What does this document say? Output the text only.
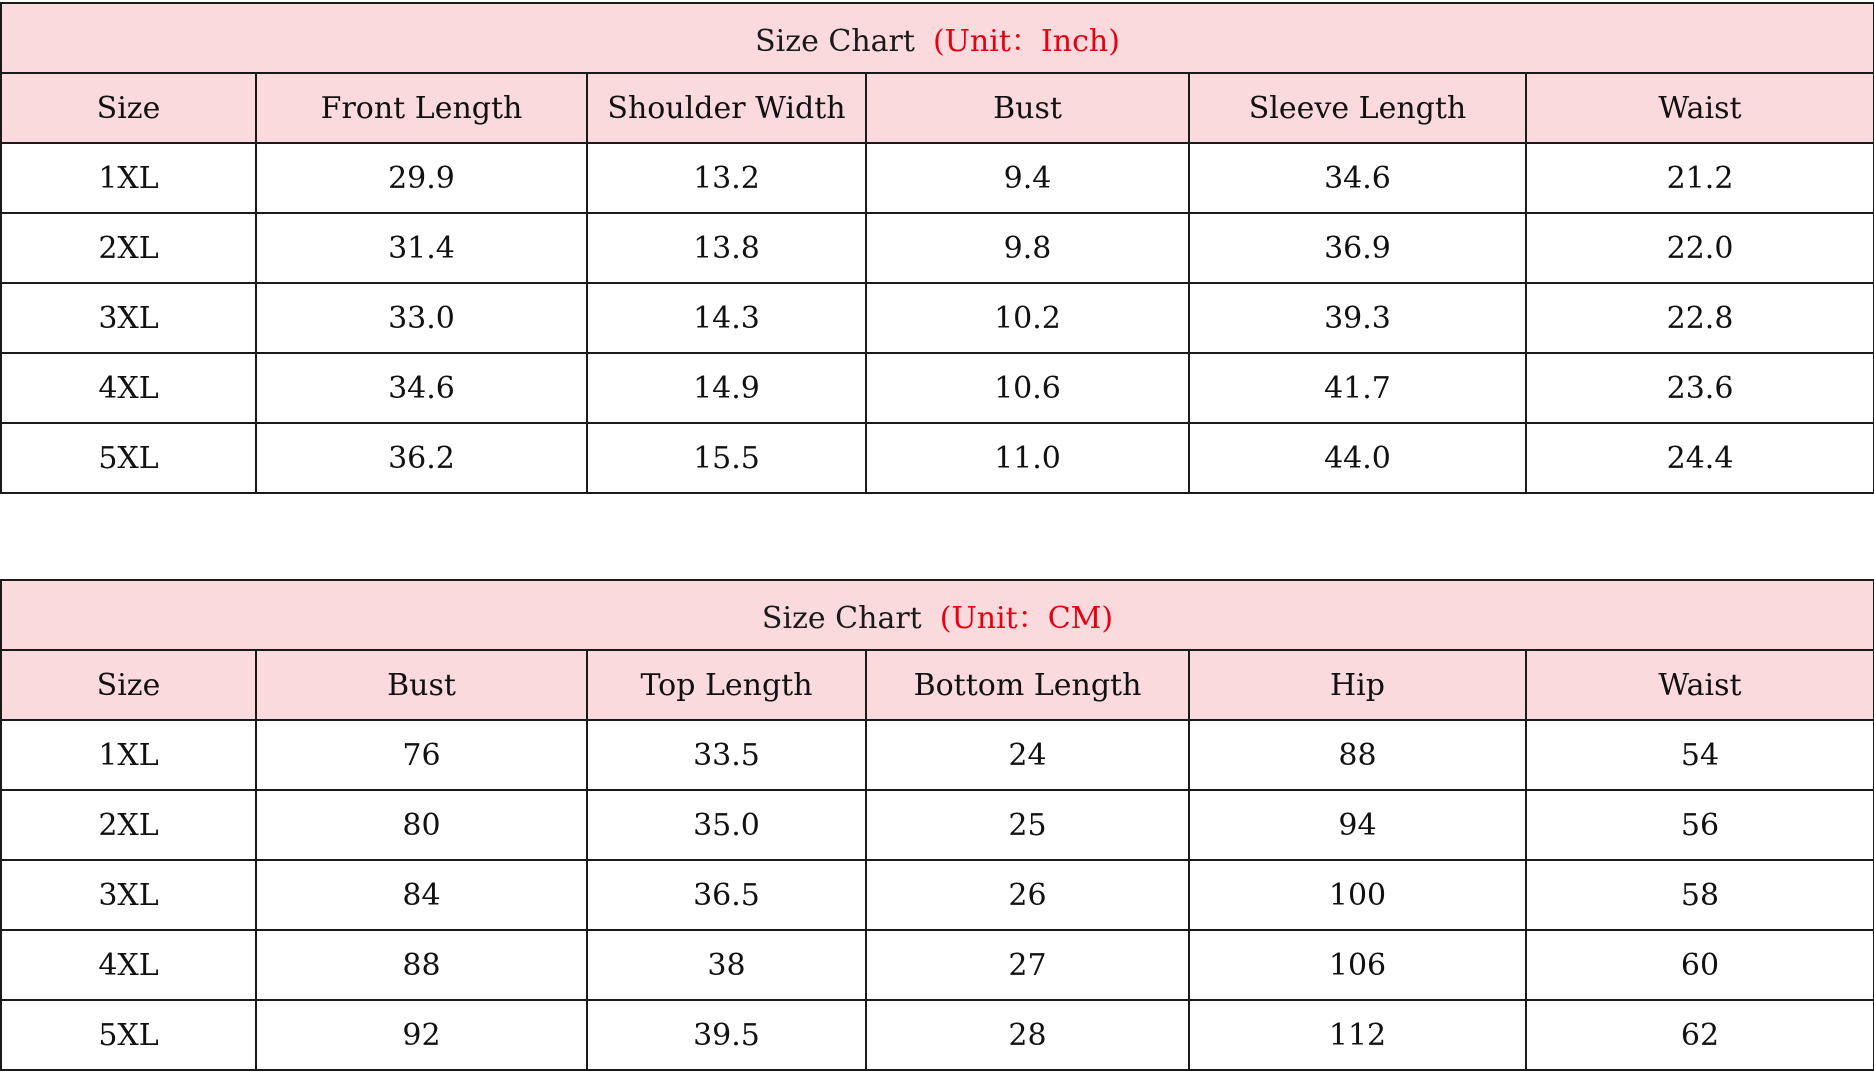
Size Chart (Unit：Inch)					
Size	Front Length	Shoulder Width	Bust	Sleeve Length	Waist
1XL	29.9	13.2	9.4	34.6	21.2
2XL	31.4	13.8	9.8	36.9	22.0
3XL	33.0	14.3	10.2	39.3	22.8
4XL	34.6	14.9	10.6	41.7	23.6
5XL	36.2	15.5	11.0	44.0	24.4
Size Chart (Unit：CM)					
Size	Bust	Top Length	Bottom Length	Hip	Waist
1XL	76	33.5	24	88	54
2XL	80	35.0	25	94	56
3XL	84	36.5	26	100	58
4XL	88	38	27	106	60
5XL	92	39.5	28	112	62
